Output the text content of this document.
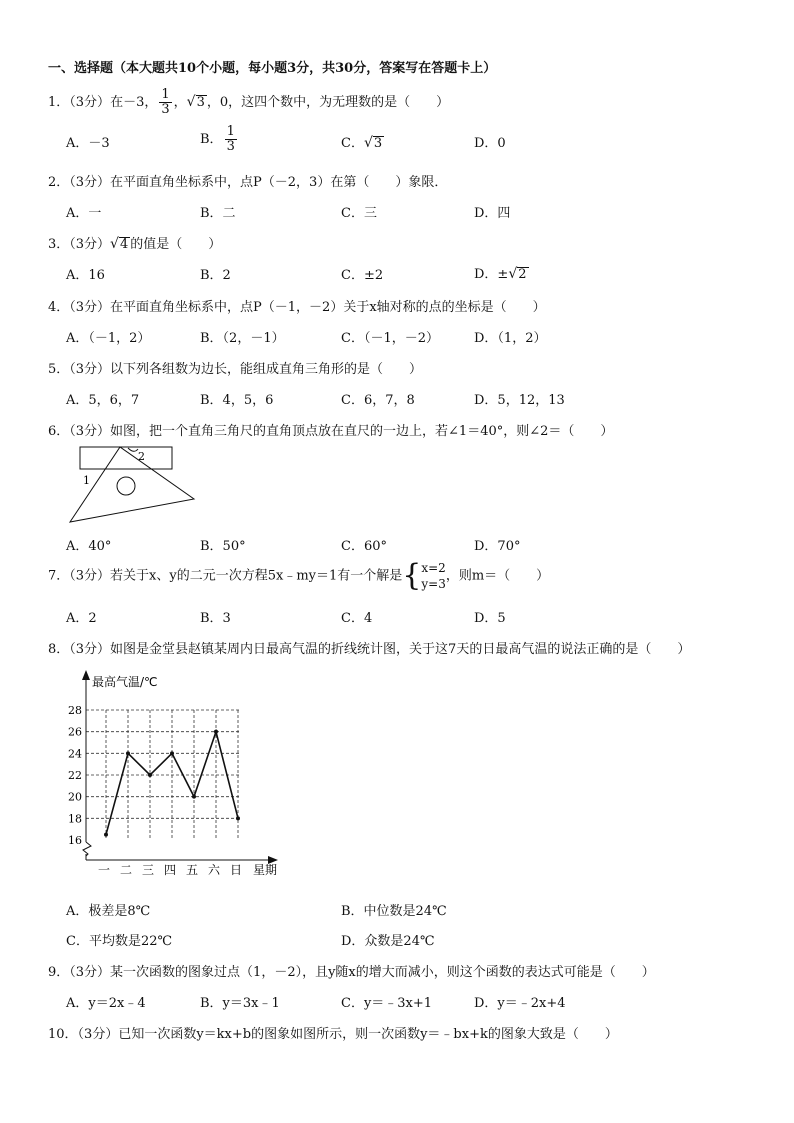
一、选择题（本大题共10个小题，每小题3分，共30分，答案写在答题卡上）
1．（3分）在－3， $\frac{1}{3}$ ，√3 ，0，这四个数中，为无理数的是（　　）
A．－3	B． $\frac{1}{3}$	C．√3	D．0
2．（3分）在平面直角坐标系中，点P（－2，3）在第（　　）象限．
A．一	B．二	C．三	D．四
3．（3分）√4 的值是（　　）
A．16	B．2	C．±2	D．±√2
4．（3分）在平面直角坐标系中，点P（－1，－2）关于x轴对称的点的坐标是（　　）
A．（－1，2）	B．（2，－1）	C．（－1，－2）	D．（1，2）
5．（3分）以下列各组数为边长，能组成直角三角形的是（　　）
A．5，6，7	B．4，5，6	C．6，7，8	D．5，12，13
6．（3分）如图，把一个直角三角尺的直角顶点放在直尺的一边上，若∠1＝40°，则∠2＝（　　）
2
1
A．40°	B．50°	C．60°	D．70°
7．（3分）若关于x、y的二元一次方程5x﹣my＝1有一个解是{ x=2
y=3
，则m＝（　　）
A．2	B．3	C．4	D．5
8．（3分）如图是金堂县赵镇某周内日最高气温的折线统计图，关于这7天的日最高气温的说法正确的是（　　）
16
18
20
22
24
26
28
一 二 三 四 五 六 日
最高气温/℃
星期
A．极差是8℃	B．中位数是24℃
C．平均数是22℃	D．众数是24℃
9．（3分）某一次函数的图象过点（1，－2），且y随x的增大而减小，则这个函数的表达式可能是（　　）
A．y＝2x﹣4	B．y＝3x﹣1	C．y＝﹣3x+1	D．y＝﹣2x+4
10．（3分）已知一次函数y＝kx+b的图象如图所示，则一次函数y＝﹣bx+k的图象大致是（　　）
